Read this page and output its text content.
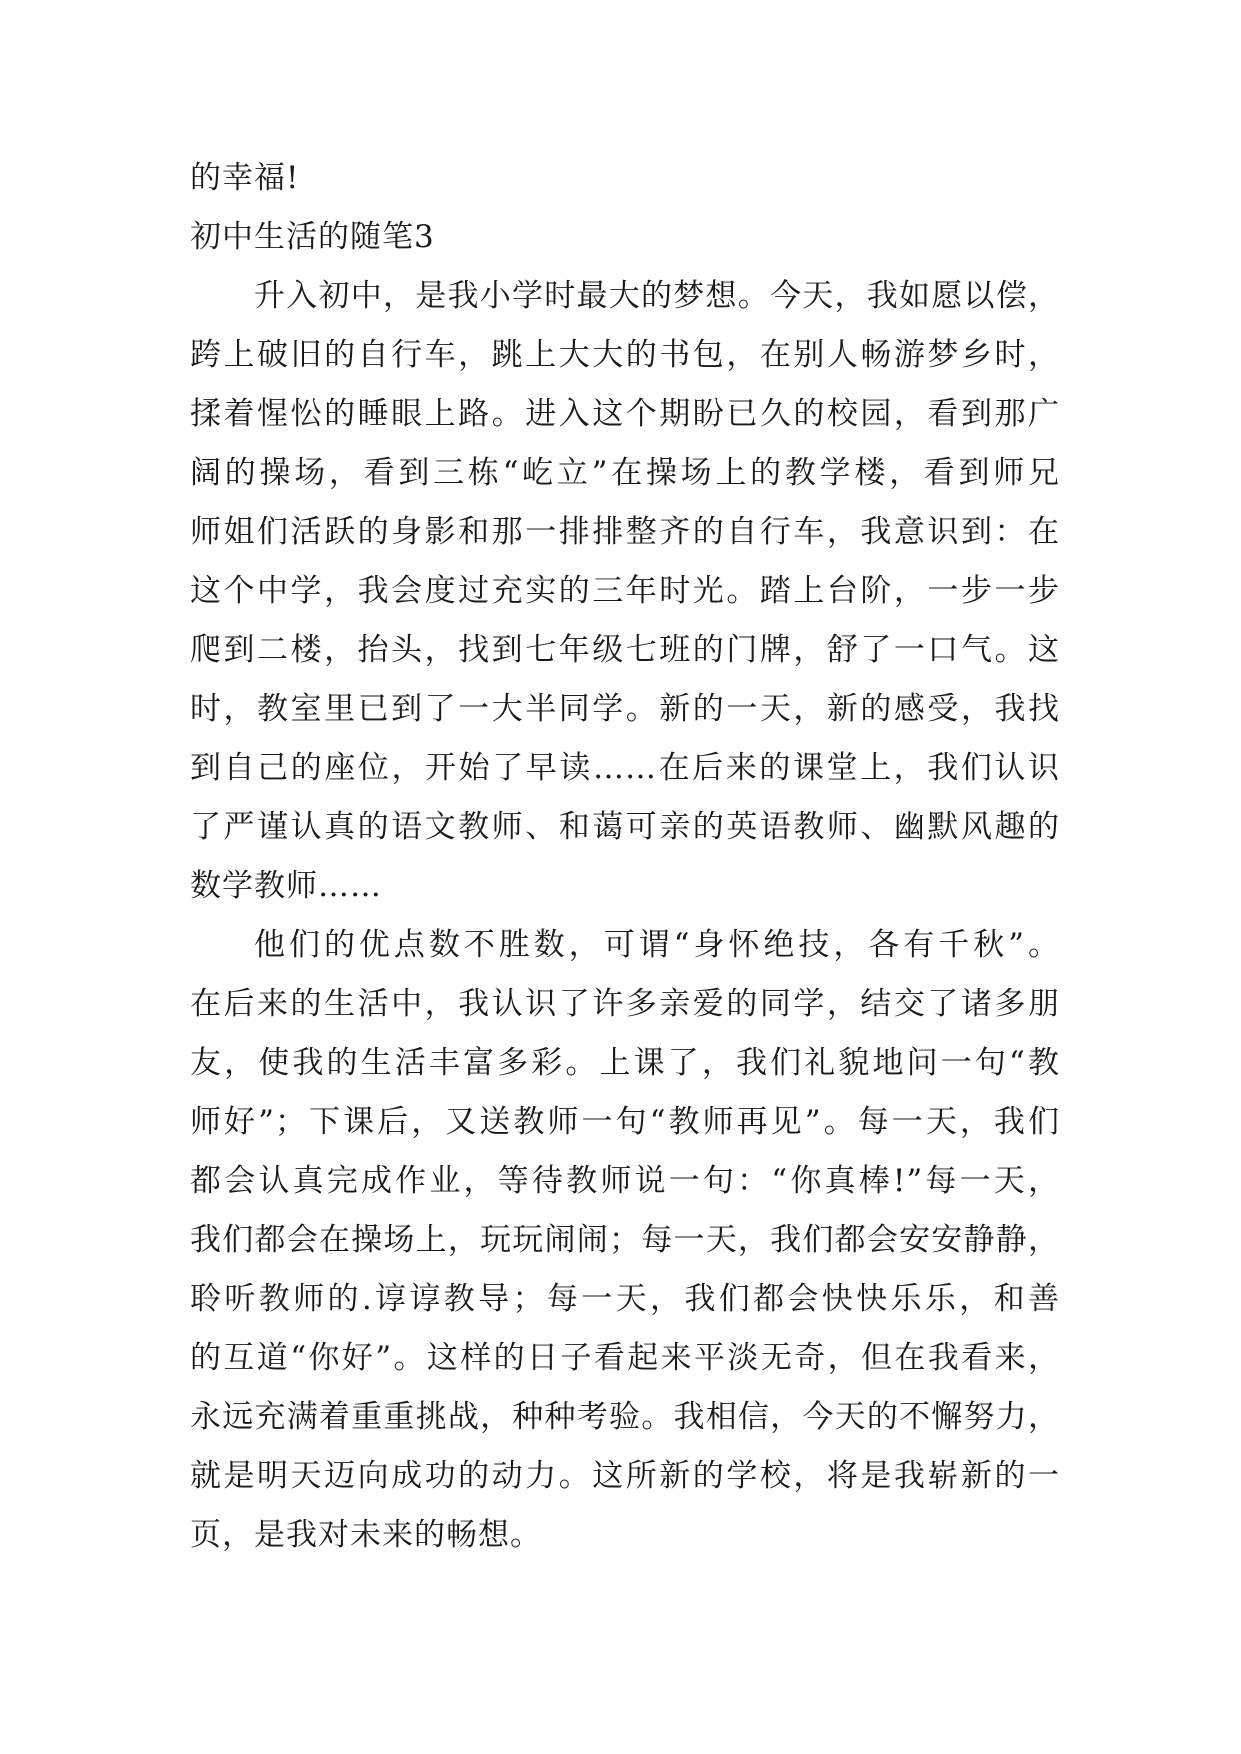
的幸福!
初中生活的随笔3
升入初中，是我小学时最大的梦想。今天，我如愿以偿，
跨上破旧的自行车，跳上大大的书包，在别人畅游梦乡时，
揉着惺忪的睡眼上路。进入这个期盼已久的校园，看到那广
阔的操场，看到三栋“屹立”在操场上的教学楼，看到师兄
师姐们活跃的身影和那一排排整齐的自行车，我意识到：在
这个中学，我会度过充实的三年时光。踏上台阶，一步一步
爬到二楼，抬头，找到七年级七班的门牌，舒了一口气。这
时，教室里已到了一大半同学。新的一天，新的感受，我找
到自己的座位，开始了早读……在后来的课堂上，我们认识
了严谨认真的语文教师、和蔼可亲的英语教师、幽默风趣的
数学教师……
他们的优点数不胜数，可谓“身怀绝技，各有千秋”。
在后来的生活中，我认识了许多亲爱的同学，结交了诸多朋
友，使我的生活丰富多彩。上课了，我们礼貌地问一句“教
师好”；下课后，又送教师一句“教师再见”。每一天，我们
都会认真完成作业，等待教师说一句：“你真棒!”每一天，
我们都会在操场上，玩玩闹闹；每一天，我们都会安安静静，
聆听教师的.谆谆教导；每一天，我们都会快快乐乐，和善
的互道“你好”。这样的日子看起来平淡无奇，但在我看来，
永远充满着重重挑战，种种考验。我相信，今天的不懈努力，
就是明天迈向成功的动力。这所新的学校，将是我崭新的一
页，是我对未来的畅想。
